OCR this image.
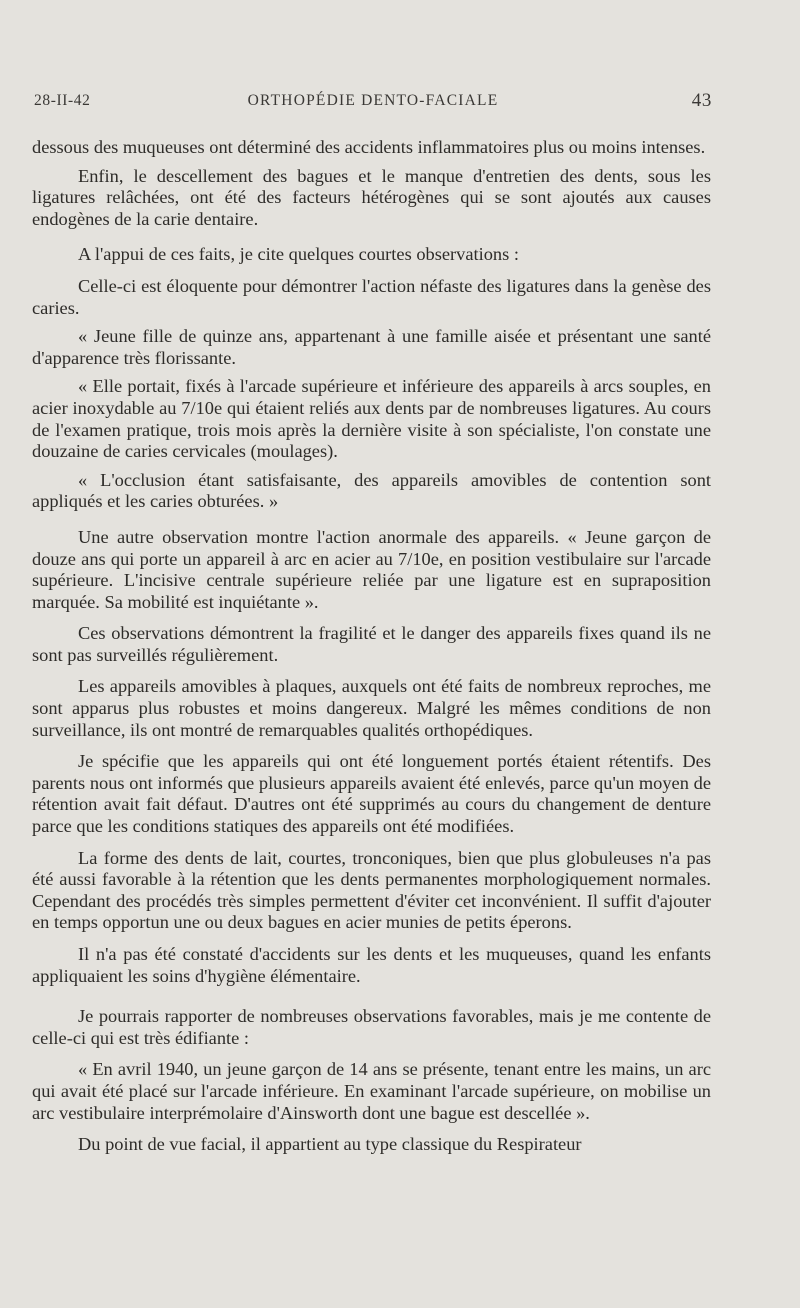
28-II-42	ORTHOPÉDIE DENTO-FACIALE	43

dessous des muqueuses ont déterminé des accidents inflammatoires plus ou moins intenses.

Enfin, le descellement des bagues et le manque d'entretien des dents, sous les ligatures relâchées, ont été des facteurs hétérogènes qui se sont ajoutés aux causes endogènes de la carie dentaire.

A l'appui de ces faits, je cite quelques courtes observations :

Celle-ci est éloquente pour démontrer l'action néfaste des ligatures dans la genèse des caries.

« Jeune fille de quinze ans, appartenant à une famille aisée et présentant une santé d'apparence très florissante.

« Elle portait, fixés à l'arcade supérieure et inférieure des appareils à arcs souples, en acier inoxydable au 7/10e qui étaient reliés aux dents par de nombreuses ligatures. Au cours de l'examen pratique, trois mois après la dernière visite à son spécialiste, l'on constate une douzaine de caries cervicales (moulages).

« L'occlusion étant satisfaisante, des appareils amovibles de contention sont appliqués et les caries obturées. »

Une autre observation montre l'action anormale des appareils. « Jeune garçon de douze ans qui porte un appareil à arc en acier au 7/10e, en position vestibulaire sur l'arcade supérieure. L'incisive centrale supérieure reliée par une ligature est en supraposition marquée. Sa mobilité est inquiétante ».

Ces observations démontrent la fragilité et le danger des appareils fixes quand ils ne sont pas surveillés régulièrement.

Les appareils amovibles à plaques, auxquels ont été faits de nombreux reproches, me sont apparus plus robustes et moins dangereux. Malgré les mêmes conditions de non surveillance, ils ont montré de remarquables qualités orthopédiques.

Je spécifie que les appareils qui ont été longuement portés étaient rétentifs. Des parents nous ont informés que plusieurs appareils avaient été enlevés, parce qu'un moyen de rétention avait fait défaut. D'autres ont été supprimés au cours du changement de denture parce que les conditions statiques des appareils ont été modifiées.

La forme des dents de lait, courtes, tronconiques, bien que plus globuleuses n'a pas été aussi favorable à la rétention que les dents permanentes morphologiquement normales. Cependant des procédés très simples permettent d'éviter cet inconvénient. Il suffit d'ajouter en temps opportun une ou deux bagues en acier munies de petits éperons.

Il n'a pas été constaté d'accidents sur les dents et les muqueuses, quand les enfants appliquaient les soins d'hygiène élémentaire.

Je pourrais rapporter de nombreuses observations favorables, mais je me contente de celle-ci qui est très édifiante :

« En avril 1940, un jeune garçon de 14 ans se présente, tenant entre les mains, un arc qui avait été placé sur l'arcade inférieure. En examinant l'arcade supérieure, on mobilise un arc vestibulaire interprémolaire d'Ainsworth dont une bague est descellée ».

Du point de vue facial, il appartient au type classique du Respirateur
